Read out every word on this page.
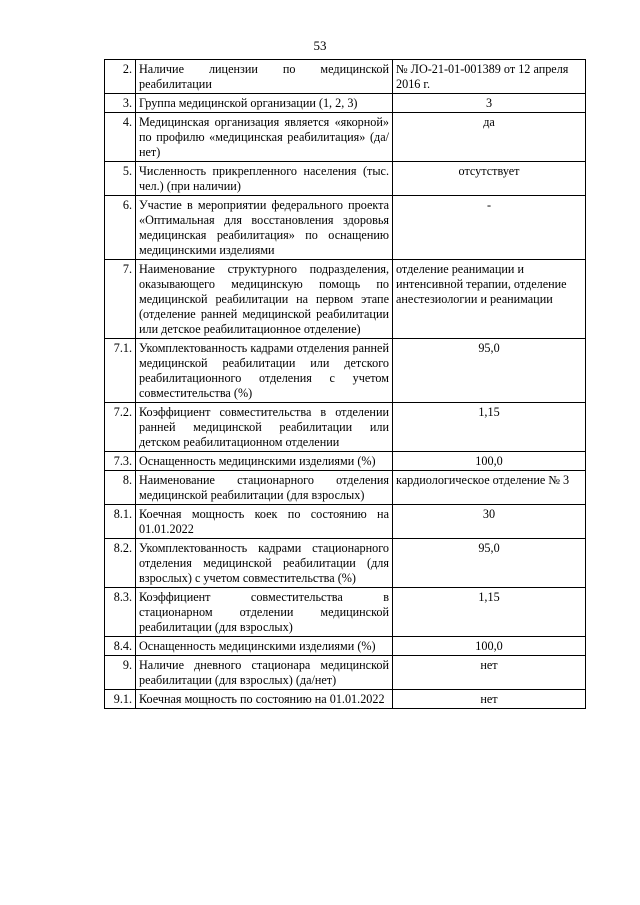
53
2.	Наличие лицензии по медицинской реабилитации	№ ЛО-21-01-001389 от 12 апреля 2016 г.
3.	Группа медицинской организации (1, 2, 3)	3
4.	Медицинская организация является «якорной» по профилю «медицинская реабилитация» (да/нет)	да
5.	Численность прикрепленного населения (тыс. чел.) (при наличии)	отсутствует
6.	Участие в мероприятии федерального проекта «Оптимальная для восстановления здоровья медицинская реабилитация» по оснащению медицинскими изделиями	-
7.	Наименование структурного подразделения, оказывающего медицинскую помощь по медицинской реабилитации на первом этапе (отделение ранней медицинской реабилитации или детское реабилитационное отделение)	отделение реанимации и интенсивной терапии, отделение анестезиологии и реанимации
7.1.	Укомплектованность кадрами отделения ранней медицинской реабилитации или детского реабилитационного отделения с учетом совместительства (%)	95,0
7.2.	Коэффициент совместительства в отделении ранней медицинской реабилитации или детском реабилитационном отделении	1,15
7.3.	Оснащенность медицинскими изделиями (%)	100,0
8.	Наименование стационарного отделения медицинской реабилитации (для взрослых)	кардиологическое отделение № 3
8.1.	Коечная мощность коек по состоянию на 01.01.2022	30
8.2.	Укомплектованность кадрами стационарного отделения медицинской реабилитации (для взрослых) с учетом совместительства (%)	95,0
8.3.	Коэффициент совместительства в стационарном отделении медицинской реабилитации (для взрослых)	1,15
8.4.	Оснащенность медицинскими изделиями (%)	100,0
9.	Наличие дневного стационара медицинской реабилитации (для взрослых) (да/нет)	нет
9.1.	Коечная мощность по состоянию на 01.01.2022	нет
